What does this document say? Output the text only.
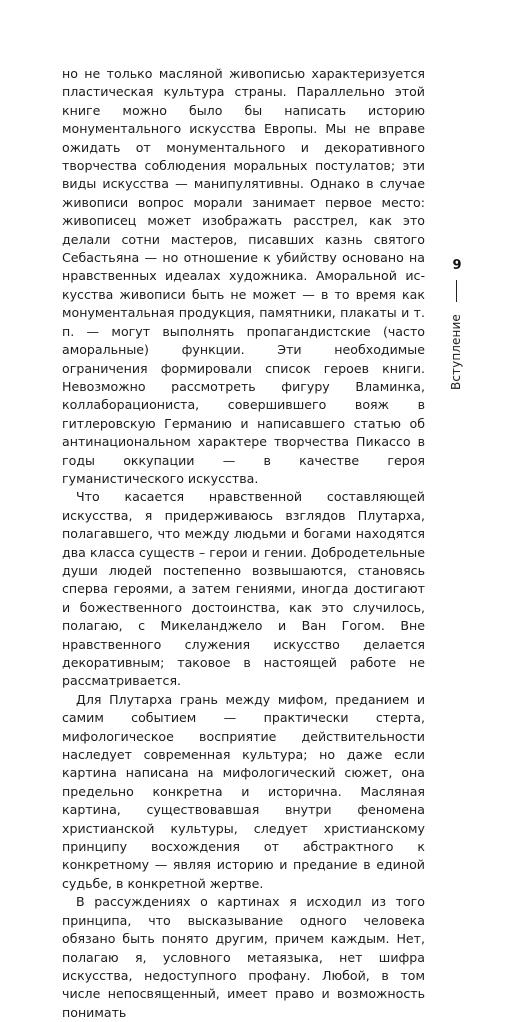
но не только масляной живописью характеризуется пластическая культура страны. Параллельно этой книге можно было бы написать историю монументального искусства Европы. Мы не вправе ожидать от монументального и декоративного творчества соблюдения моральных постулатов; эти виды искусства — манипулятивны. Однако в случае живописи вопрос морали занимает первое место: живописец может изображать расстрел, как это делали сотни мастеров, писавших казнь святого Себастьяна — но отношение к убийству основано на нравственных идеалах художника. Аморальной искусства живописи быть не может — в то время как монументальная продукция, памятники, плакаты и т. п. — могут выполнять пропагандистские (часто аморальные) функции. Эти необходимые ограничения формировали список героев книги. Невозможно рассмотреть фигуру Вламинка, коллаборациониста, совершившего вояж в гитлеровскую Германию и написавшего статью об антинациональном характере творчества Пикассо в годы оккупации — в качестве героя гуманистического искусства.

Что касается нравственной составляющей искусства, я придерживаюсь взглядов Плутарха, полагавшего, что между людьми и богами находятся два класса существ – герои и гении. Добродетельные души людей постепенно возвышаются, становясь сперва героями, а затем гениями, иногда достигают и божественного достоинства, как это случилось, полагаю, с Микеланджело и Ван Гогом. Вне нравственного служения искусство делается декоративным; таковое в настоящей работе не рассматривается.

Для Плутарха грань между мифом, преданием и самим событием — практически стерта, мифологическое восприятие действительности наследует современная культура; но даже если картина написана на мифологический сюжет, она предельно конкретна и исторична. Масляная картина, существовавшая внутри феномена христианской культуры, следует христианскому принципу восхождения от абстрактного к конкретному — являя историю и предание в единой судьбе, в конкретной жертве.

В рассуждениях о картинах я исходил из того принципа, что высказывание одного человека обязано быть понято другим, причем каждым. Нет, полагаю я, условного метаязыка, нет шифра искусства, недоступного профану. Любой, в том числе непосвященный, имеет право и возможность понимать

9
Вступление
